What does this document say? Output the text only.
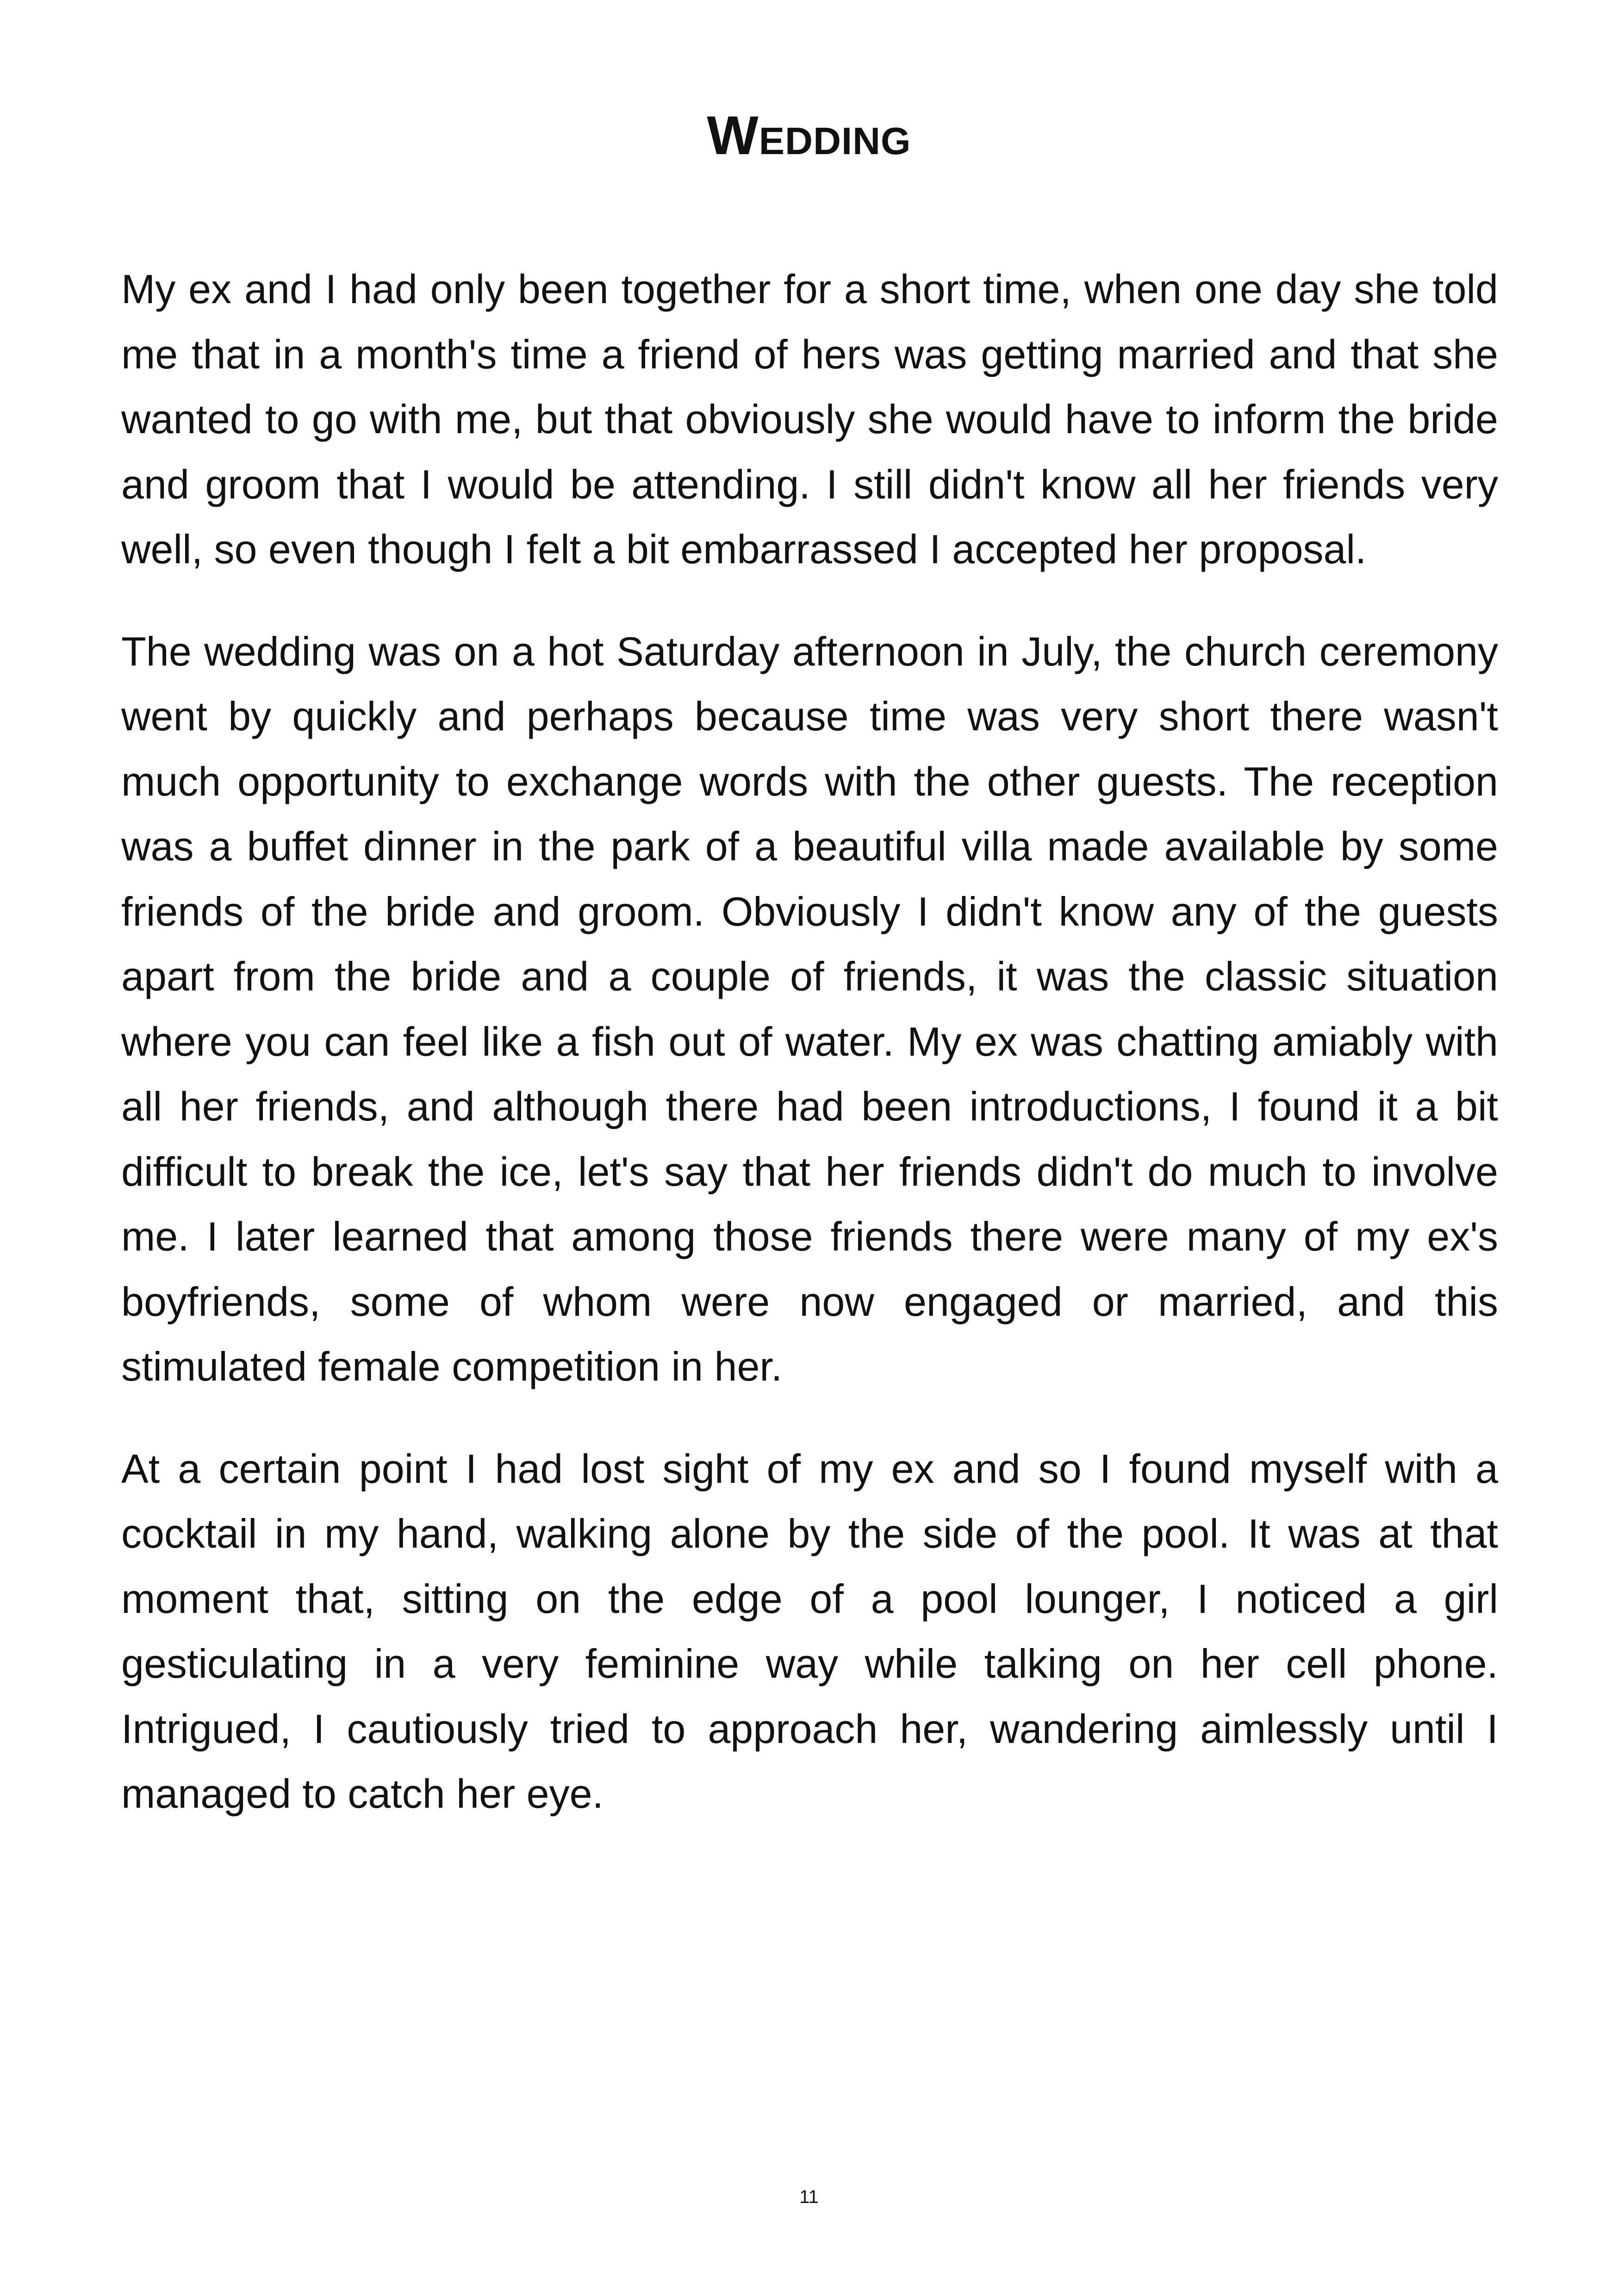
Wedding

My ex and I had only been together for a short time, when one day she told me that in a month's time a friend of hers was getting married and that she wanted to go with me, but that obviously she would have to inform the bride and groom that I would be attending. I still didn't know all her friends very well, so even though I felt a bit embarrassed I accepted her proposal.

The wedding was on a hot Saturday afternoon in July, the church ceremony went by quickly and perhaps because time was very short there wasn't much opportunity to exchange words with the other guests. The reception was a buffet dinner in the park of a beautiful villa made available by some friends of the bride and groom. Obviously I didn't know any of the guests apart from the bride and a couple of friends, it was the classic situation where you can feel like a fish out of water. My ex was chatting amiably with all her friends, and although there had been introductions, I found it a bit difficult to break the ice, let's say that her friends didn't do much to involve me. I later learned that among those friends there were many of my ex's boyfriends, some of whom were now engaged or married, and this stimulated female competition in her.

At a certain point I had lost sight of my ex and so I found myself with a cocktail in my hand, walking alone by the side of the pool. It was at that moment that, sitting on the edge of a pool lounger, I noticed a girl gesticulating in a very feminine way while talking on her cell phone. Intrigued, I cautiously tried to approach her, wandering aimlessly until I managed to catch her eye.

11
